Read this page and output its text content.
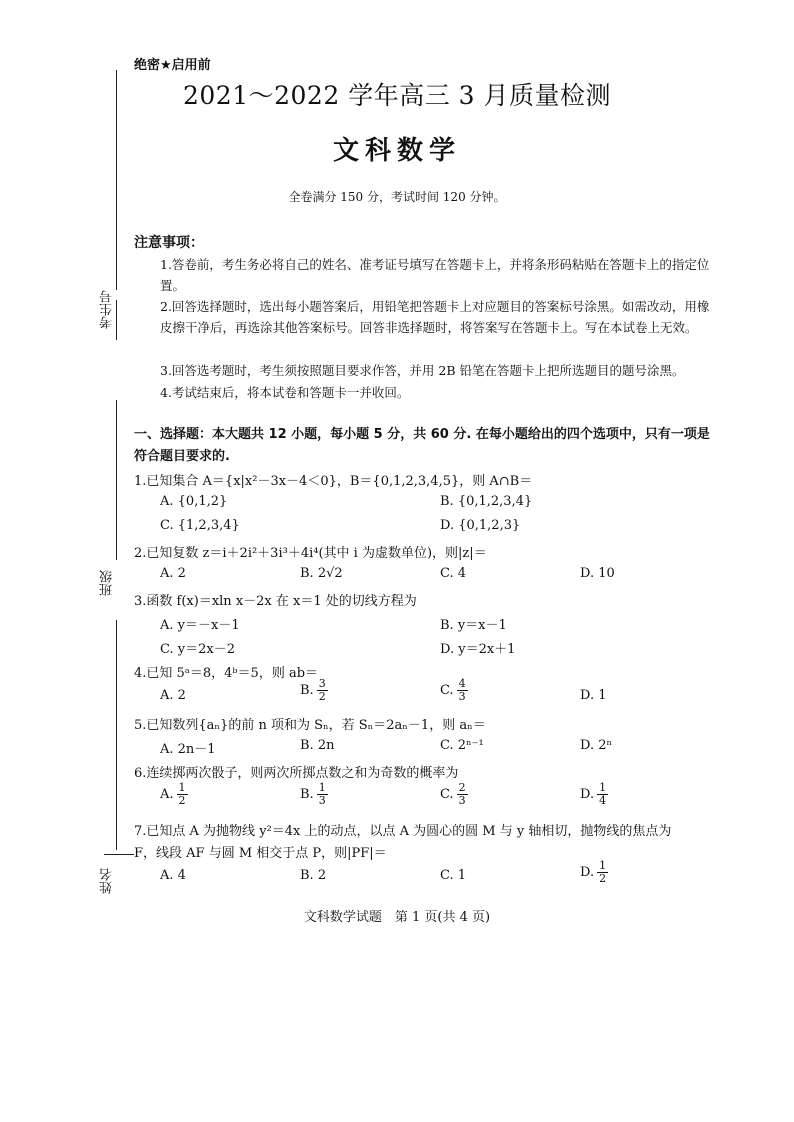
考生号
班级
姓名
绝密★启用前
2021～2022 学年高三 3 月质量检测
文科数学
全卷满分 150 分，考试时间 120 分钟。
注意事项：
1.答卷前，考生务必将自己的姓名、准考证号填写在答题卡上，并将条形码粘贴在答题卡上的指定位置。
2.回答选择题时，选出每小题答案后，用铅笔把答题卡上对应题目的答案标号涂黑。如需改动，用橡皮擦干净后，再选涂其他答案标号。回答非选择题时，将答案写在答题卡上。写在本试卷上无效。
3.回答选考题时，考生须按照题目要求作答，并用 2B 铅笔在答题卡上把所选题目的题号涂黑。
4.考试结束后，将本试卷和答题卡一并收回。
一、选择题：本大题共 12 小题，每小题 5 分，共 60 分. 在每小题给出的四个选项中，只有一项是符合题目要求的.
1.已知集合 A＝{x|x²－3x－4＜0}，B＝{0,1,2,3,4,5}，则 A∩B＝
A. {0,1,2}	B. {0,1,2,3,4}
C. {1,2,3,4}	D. {0,1,2,3}
2.已知复数 z＝i＋2i²＋3i³＋4i⁴(其中 i 为虚数单位)，则|z|＝
A. 2	B. 2√2	C. 4	D. 10
3.函数 f(x)＝xln x－2x 在 x＝1 处的切线方程为
A. y＝－x－1	B. y＝x－1
C. y＝2x－2	D. y＝2x＋1
4.已知 5ᵃ＝8，4ᵇ＝5，则 ab＝
A. 2	B. $\frac{3}{2}$	C. $\frac{4}{3}$	D. 1
5.已知数列{aₙ}的前 n 项和为 Sₙ，若 Sₙ＝2aₙ－1，则 aₙ＝
A. 2n－1	B. 2n	C. 2ⁿ⁻¹	D. 2ⁿ
6.连续掷两次骰子，则两次所掷点数之和为奇数的概率为
A. $\frac{1}{2}$	B. $\frac{1}{3}$	C. $\frac{2}{3}$	D. $\frac{1}{4}$
7.已知点 A 为抛物线 y²＝4x 上的动点，以点 A 为圆心的圆 M 与 y 轴相切，抛物线的焦点为
F，线段 AF 与圆 M 相交于点 P，则|PF|＝
A. 4	B. 2	C. 1	D. $\frac{1}{2}$
文科数学试题　第 1 页(共 4 页)
